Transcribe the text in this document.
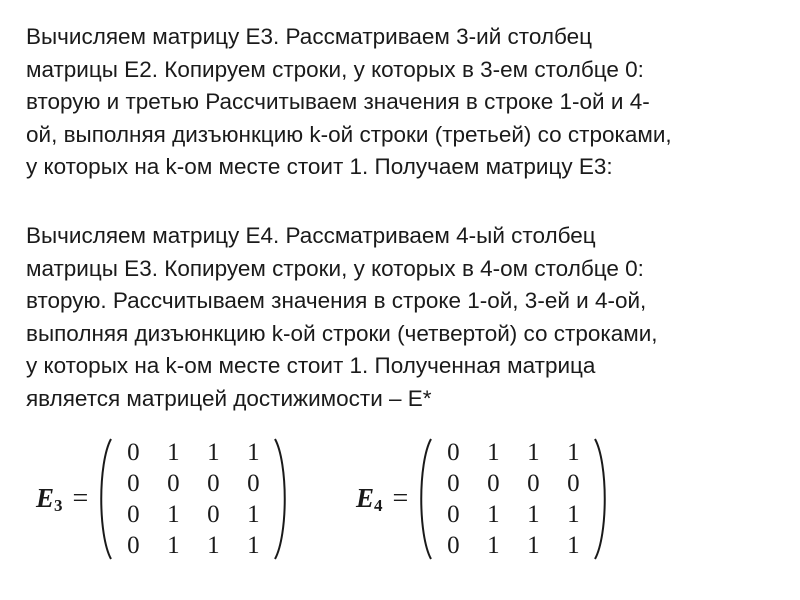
Вычисляем матрицу E3. Рассматриваем 3-ий столбец
матрицы E2. Копируем строки, у которых в 3-ем столбце 0:
вторую и третью Рассчитываем значения в строке 1-ой и 4-
ой, выполняя дизъюнкцию k-ой строки (третьей) со строками,
у которых на k-ом месте стоит 1. Получаем матрицу E3:
Вычисляем матрицу E4. Рассматриваем 4-ый столбец
матрицы E3. Копируем строки, у которых в 4-ом столбце 0:
вторую. Рассчитываем значения в строке 1-ой, 3-ей и 4-ой,
выполняя дизъюнкцию k-ой строки (четвертой) со строками,
у которых на k-ом месте стоит 1. Полученная матрица
является матрицей достижимости – E*
$E_3$ =
0	1	1	1
0	0	0	0
0	1	0	1
0	1	1	1
$E_4$ =
0	1	1	1
0	0	0	0
0	1	1	1
0	1	1	1
